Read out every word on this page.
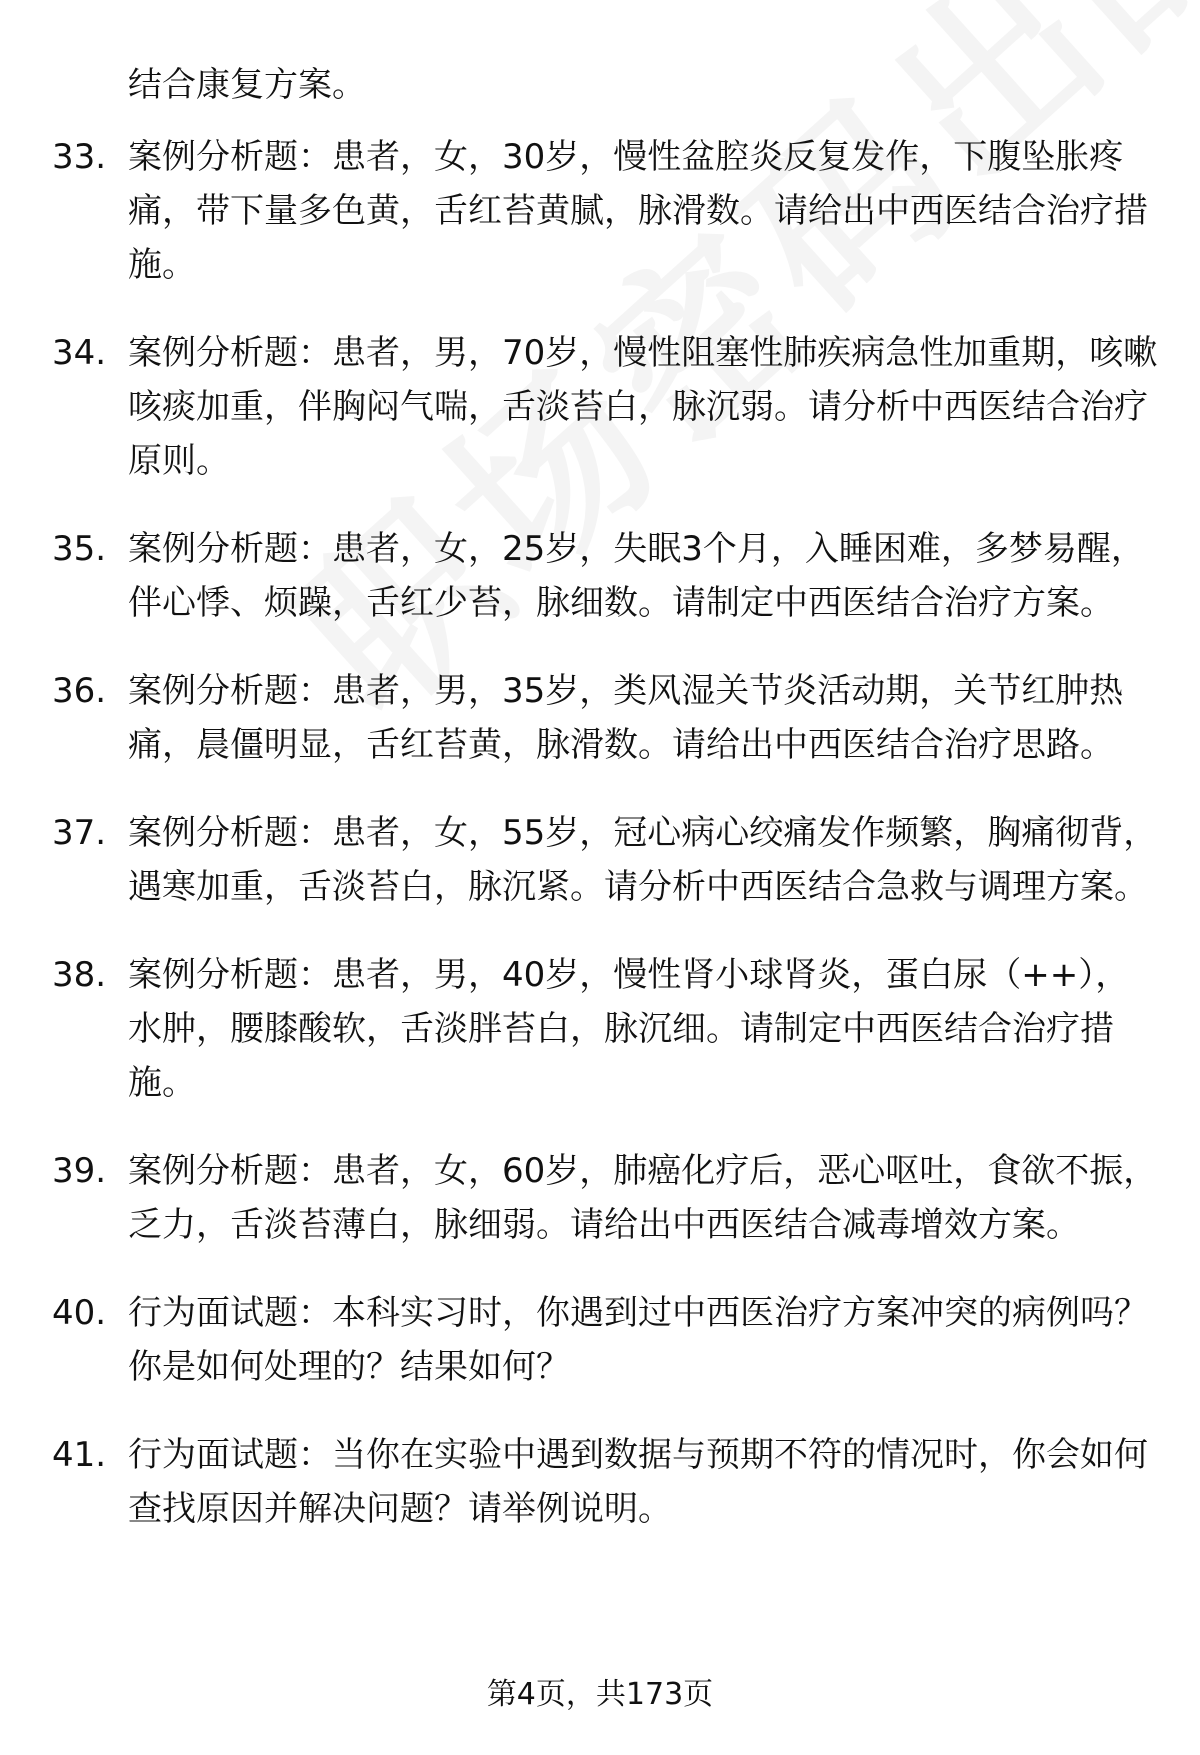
结合康复方案。

33. 案例分析题：患者，女，30岁，慢性盆腔炎反复发作，下腹坠胀疼痛，带下量多色黄，舌红苔黄腻，脉滑数。请给出中西医结合治疗措施。
34. 案例分析题：患者，男，70岁，慢性阻塞性肺疾病急性加重期，咳嗽咳痰加重，伴胸闷气喘，舌淡苔白，脉沉弱。请分析中西医结合治疗原则。
35. 案例分析题：患者，女，25岁，失眠3个月，入睡困难，多梦易醒，伴心悸、烦躁，舌红少苔，脉细数。请制定中西医结合治疗方案。
36. 案例分析题：患者，男，35岁，类风湿关节炎活动期，关节红肿热痛，晨僵明显，舌红苔黄，脉滑数。请给出中西医结合治疗思路。
37. 案例分析题：患者，女，55岁，冠心病心绞痛发作频繁，胸痛彻背，遇寒加重，舌淡苔白，脉沉紧。请分析中西医结合急救与调理方案。
38. 案例分析题：患者，男，40岁，慢性肾小球肾炎，蛋白尿（++），水肿，腰膝酸软，舌淡胖苔白，脉沉细。请制定中西医结合治疗措施。
39. 案例分析题：患者，女，60岁，肺癌化疗后，恶心呕吐，食欲不振，乏力，舌淡苔薄白，脉细弱。请给出中西医结合减毒增效方案。
40. 行为面试题：本科实习时，你遇到过中西医治疗方案冲突的病例吗？你是如何处理的？结果如何？
41. 行为面试题：当你在实验中遇到数据与预期不符的情况时，你会如何查找原因并解决问题？请举例说明。
第4页，共173页
